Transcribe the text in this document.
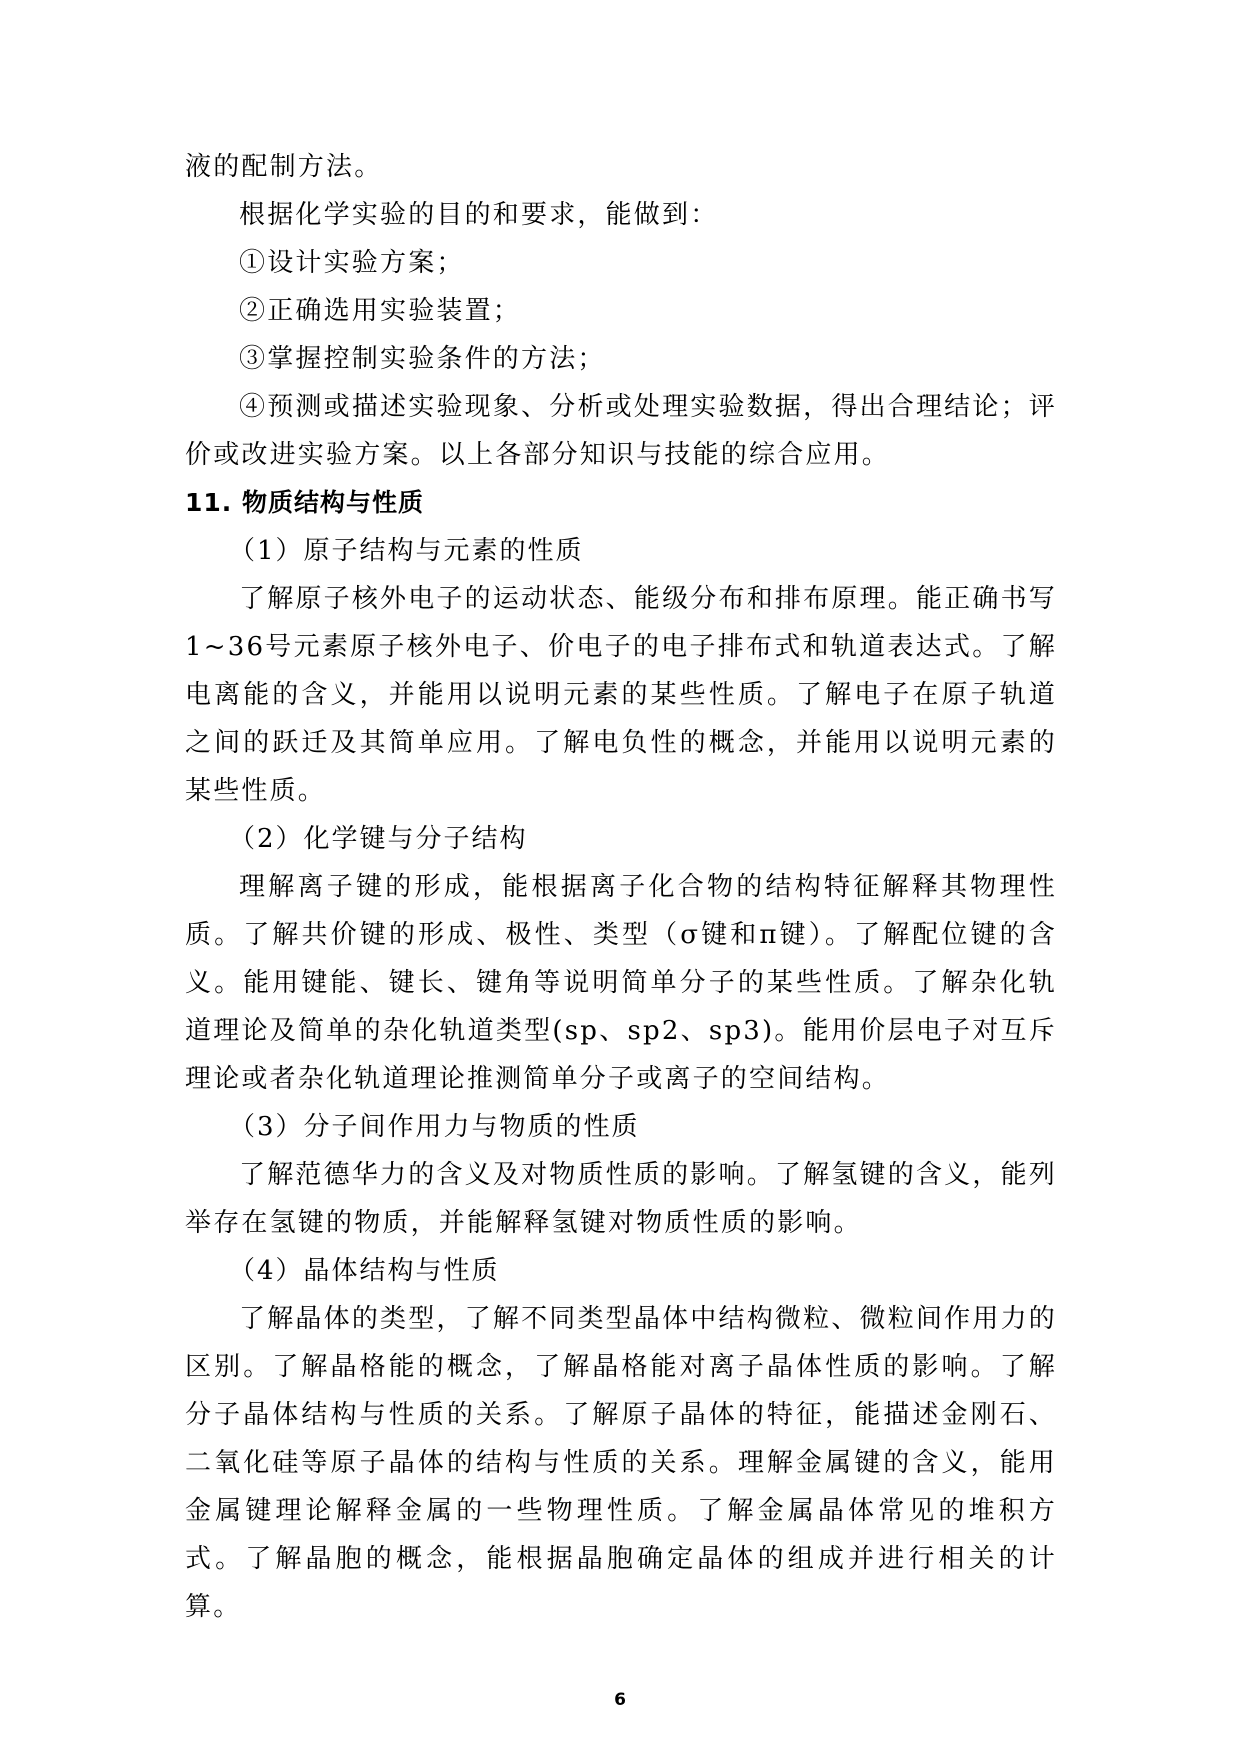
液的配制方法。
根据化学实验的目的和要求，能做到：
①设计实验方案；
②正确选用实验装置；
③掌握控制实验条件的方法；
④预测或描述实验现象、分析或处理实验数据，得出合理结论；评价或改进实验方案。以上各部分知识与技能的综合应用。
11. 物质结构与性质
（1）原子结构与元素的性质
了解原子核外电子的运动状态、能级分布和排布原理。能正确书写1~36号元素原子核外电子、价电子的电子排布式和轨道表达式。了解电离能的含义，并能用以说明元素的某些性质。了解电子在原子轨道之间的跃迁及其简单应用。了解电负性的概念，并能用以说明元素的某些性质。
（2）化学键与分子结构
理解离子键的形成，能根据离子化合物的结构特征解释其物理性质。了解共价键的形成、极性、类型（σ键和π键）。了解配位键的含义。能用键能、键长、键角等说明简单分子的某些性质。了解杂化轨道理论及简单的杂化轨道类型(sp、sp2、sp3)。能用价层电子对互斥理论或者杂化轨道理论推测简单分子或离子的空间结构。
（3）分子间作用力与物质的性质
了解范德华力的含义及对物质性质的影响。了解氢键的含义，能列举存在氢键的物质，并能解释氢键对物质性质的影响。
（4）晶体结构与性质
了解晶体的类型，了解不同类型晶体中结构微粒、微粒间作用力的区别。了解晶格能的概念，了解晶格能对离子晶体性质的影响。了解分子晶体结构与性质的关系。了解原子晶体的特征，能描述金刚石、二氧化硅等原子晶体的结构与性质的关系。理解金属键的含义，能用金属键理论解释金属的一些物理性质。了解金属晶体常见的堆积方式。了解晶胞的概念，能根据晶胞确定晶体的组成并进行相关的计算。
6
